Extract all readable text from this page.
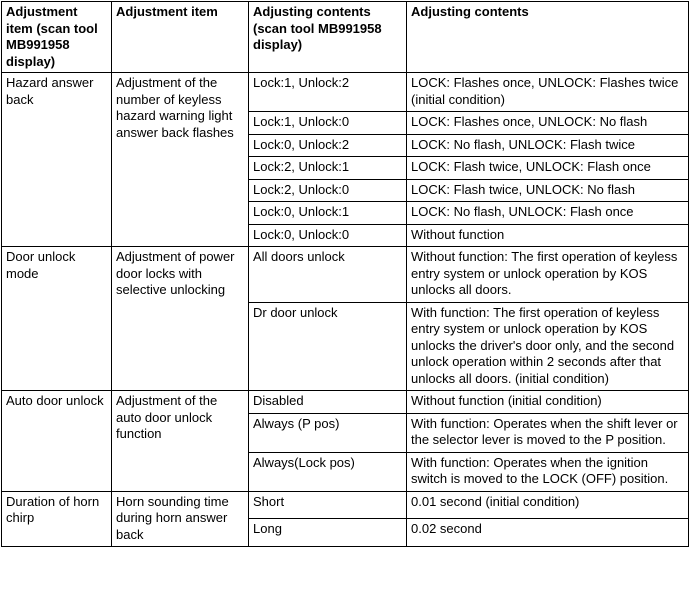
Adjustment item (scan tool MB991958 display)	Adjustment item	Adjusting contents (scan tool MB991958 display)	Adjusting contents
Hazard answer back	Adjustment of the number of keyless hazard warning light answer back flashes	Lock:1, Unlock:2	LOCK: Flashes once, UNLOCK: Flashes twice (initial condition)
		Lock:1, Unlock:0	LOCK: Flashes once, UNLOCK: No flash
		Lock:0, Unlock:2	LOCK: No flash, UNLOCK: Flash twice
		Lock:2, Unlock:1	LOCK: Flash twice, UNLOCK: Flash once
		Lock:2, Unlock:0	LOCK: Flash twice, UNLOCK: No flash
		Lock:0, Unlock:1	LOCK: No flash, UNLOCK: Flash once
		Lock:0, Unlock:0	Without function
Door unlock mode	Adjustment of power door locks with selective unlocking	All doors unlock	Without function: The first operation of keyless entry system or unlock operation by KOS unlocks all doors.
		Dr door unlock	With function: The first operation of keyless entry system or unlock operation by KOS unlocks the driver's door only, and the second unlock operation within 2 seconds after that unlocks all doors. (initial condition)
Auto door unlock	Adjustment of the auto door unlock function	Disabled	Without function (initial condition)
		Always (P pos)	With function: Operates when the shift lever or the selector lever is moved to the P position.
		Always(Lock pos)	With function: Operates when the ignition switch is moved to the LOCK (OFF) position.
Duration of horn chirp	Horn sounding time during horn answer back	Short	0.01 second (initial condition)
		Long	0.02 second
